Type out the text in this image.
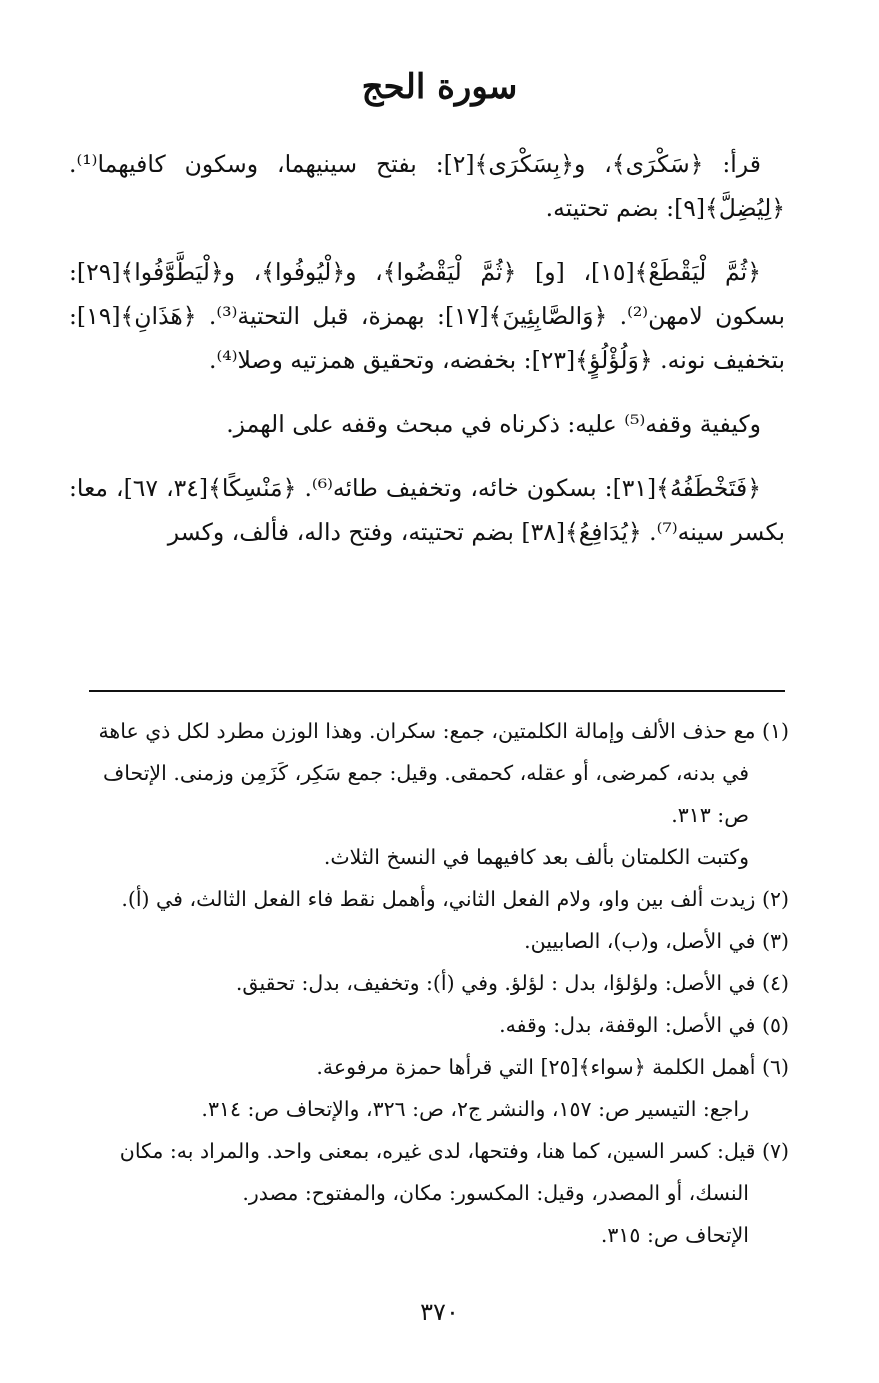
سورة الحج

قرأ: ﴿سَكْرَى﴾، و﴿بِسَكْرَى﴾[٢]: بفتح سينيهما، وسكون كافيهما⁽¹⁾. ﴿لِيُضِلَّ﴾[٩]: بضم تحتيته.

﴿ثُمَّ لْيَقْطَعْ﴾[١٥]، [و] ﴿ثُمَّ لْيَقْضُوا﴾، و﴿لْيُوفُوا﴾، و﴿لْيَطَّوَّفُوا﴾[٢٩]: بسكون لامهن⁽²⁾. ﴿وَالصَّابِئِينَ﴾[١٧]: بهمزة، قبل التحتية⁽³⁾. ﴿هَذَانِ﴾[١٩]: بتخفيف نونه. ﴿وَلُؤْلُؤٍ﴾[٢٣]: بخفضه، وتحقيق همزتيه وصلا⁽⁴⁾.

وكيفية وقفه⁽⁵⁾ عليه: ذكرناه في مبحث وقفه على الهمز.

﴿فَتَخْطَفُهُ﴾[٣١]: بسكون خائه، وتخفيف طائه⁽⁶⁾. ﴿مَنْسِكًا﴾[٣٤، ٦٧]، معا: بكسر سينه⁽⁷⁾. ﴿يُدَافِعُ﴾[٣٨] بضم تحتيته، وفتح داله، فألف، وكسر

(١) مع حذف الألف وإمالة الكلمتين، جمع: سكران. وهذا الوزن مطرد لكل ذي عاهة في بدنه، كمرضى، أو عقله، كحمقى. وقيل: جمع سَكِر، كَزَمِن وزمنى. الإتحاف ص: ٣١٣.

وكتبت الكلمتان بألف بعد كافيهما في النسخ الثلاث.

(٢) زيدت ألف بين واو، ولام الفعل الثاني، وأهمل نقط فاء الفعل الثالث، في (أ).

(٣) في الأصل، و(ب)، الصابيين.

(٤) في الأصل: ولؤلؤا، بدل : لؤلؤ. وفي (أ): وتخفيف، بدل: تحقيق.

(٥) في الأصل: الوقفة، بدل: وقفه.

(٦) أهمل الكلمة ﴿سواء﴾[٢٥] التي قرأها حمزة مرفوعة.

راجع: التيسير ص: ١٥٧، والنشر ج٢، ص: ٣٢٦، والإتحاف ص: ٣١٤.

(٧) قيل: كسر السين، كما هنا، وفتحها، لدى غيره، بمعنى واحد. والمراد به: مكان النسك، أو المصدر، وقيل: المكسور: مكان، والمفتوح: مصدر.

الإتحاف ص: ٣١٥.

٣٧٠
